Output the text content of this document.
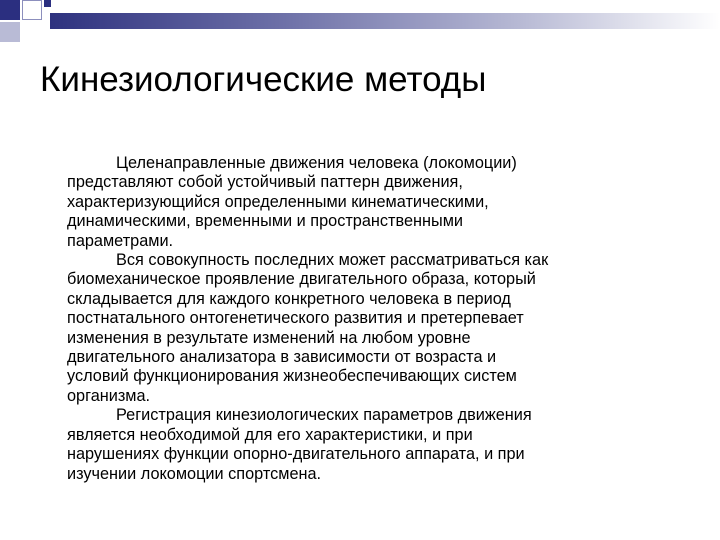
Кинезиологические методы
Целенаправленные движения человека (локомоции)
представляют собой устойчивый паттерн движения,
характеризующийся определенными кинематическими,
динамическими, временными и пространственными
параметрами.
Вся совокупность последних может рассматриваться как
биомеханическое проявление двигательного образа, который
складывается для каждого конкретного человека в период
постнатального онтогенетического развития и претерпевает
изменения в результате изменений на любом уровне
двигательного анализатора в зависимости от возраста и
условий функционирования жизнеобеспечивающих систем
организма.
Регистрация кинезиологических параметров движения
является необходимой для его характеристики, и при
нарушениях функции опорно-двигательного аппарата, и при
изучении локомоции спортсмена.
